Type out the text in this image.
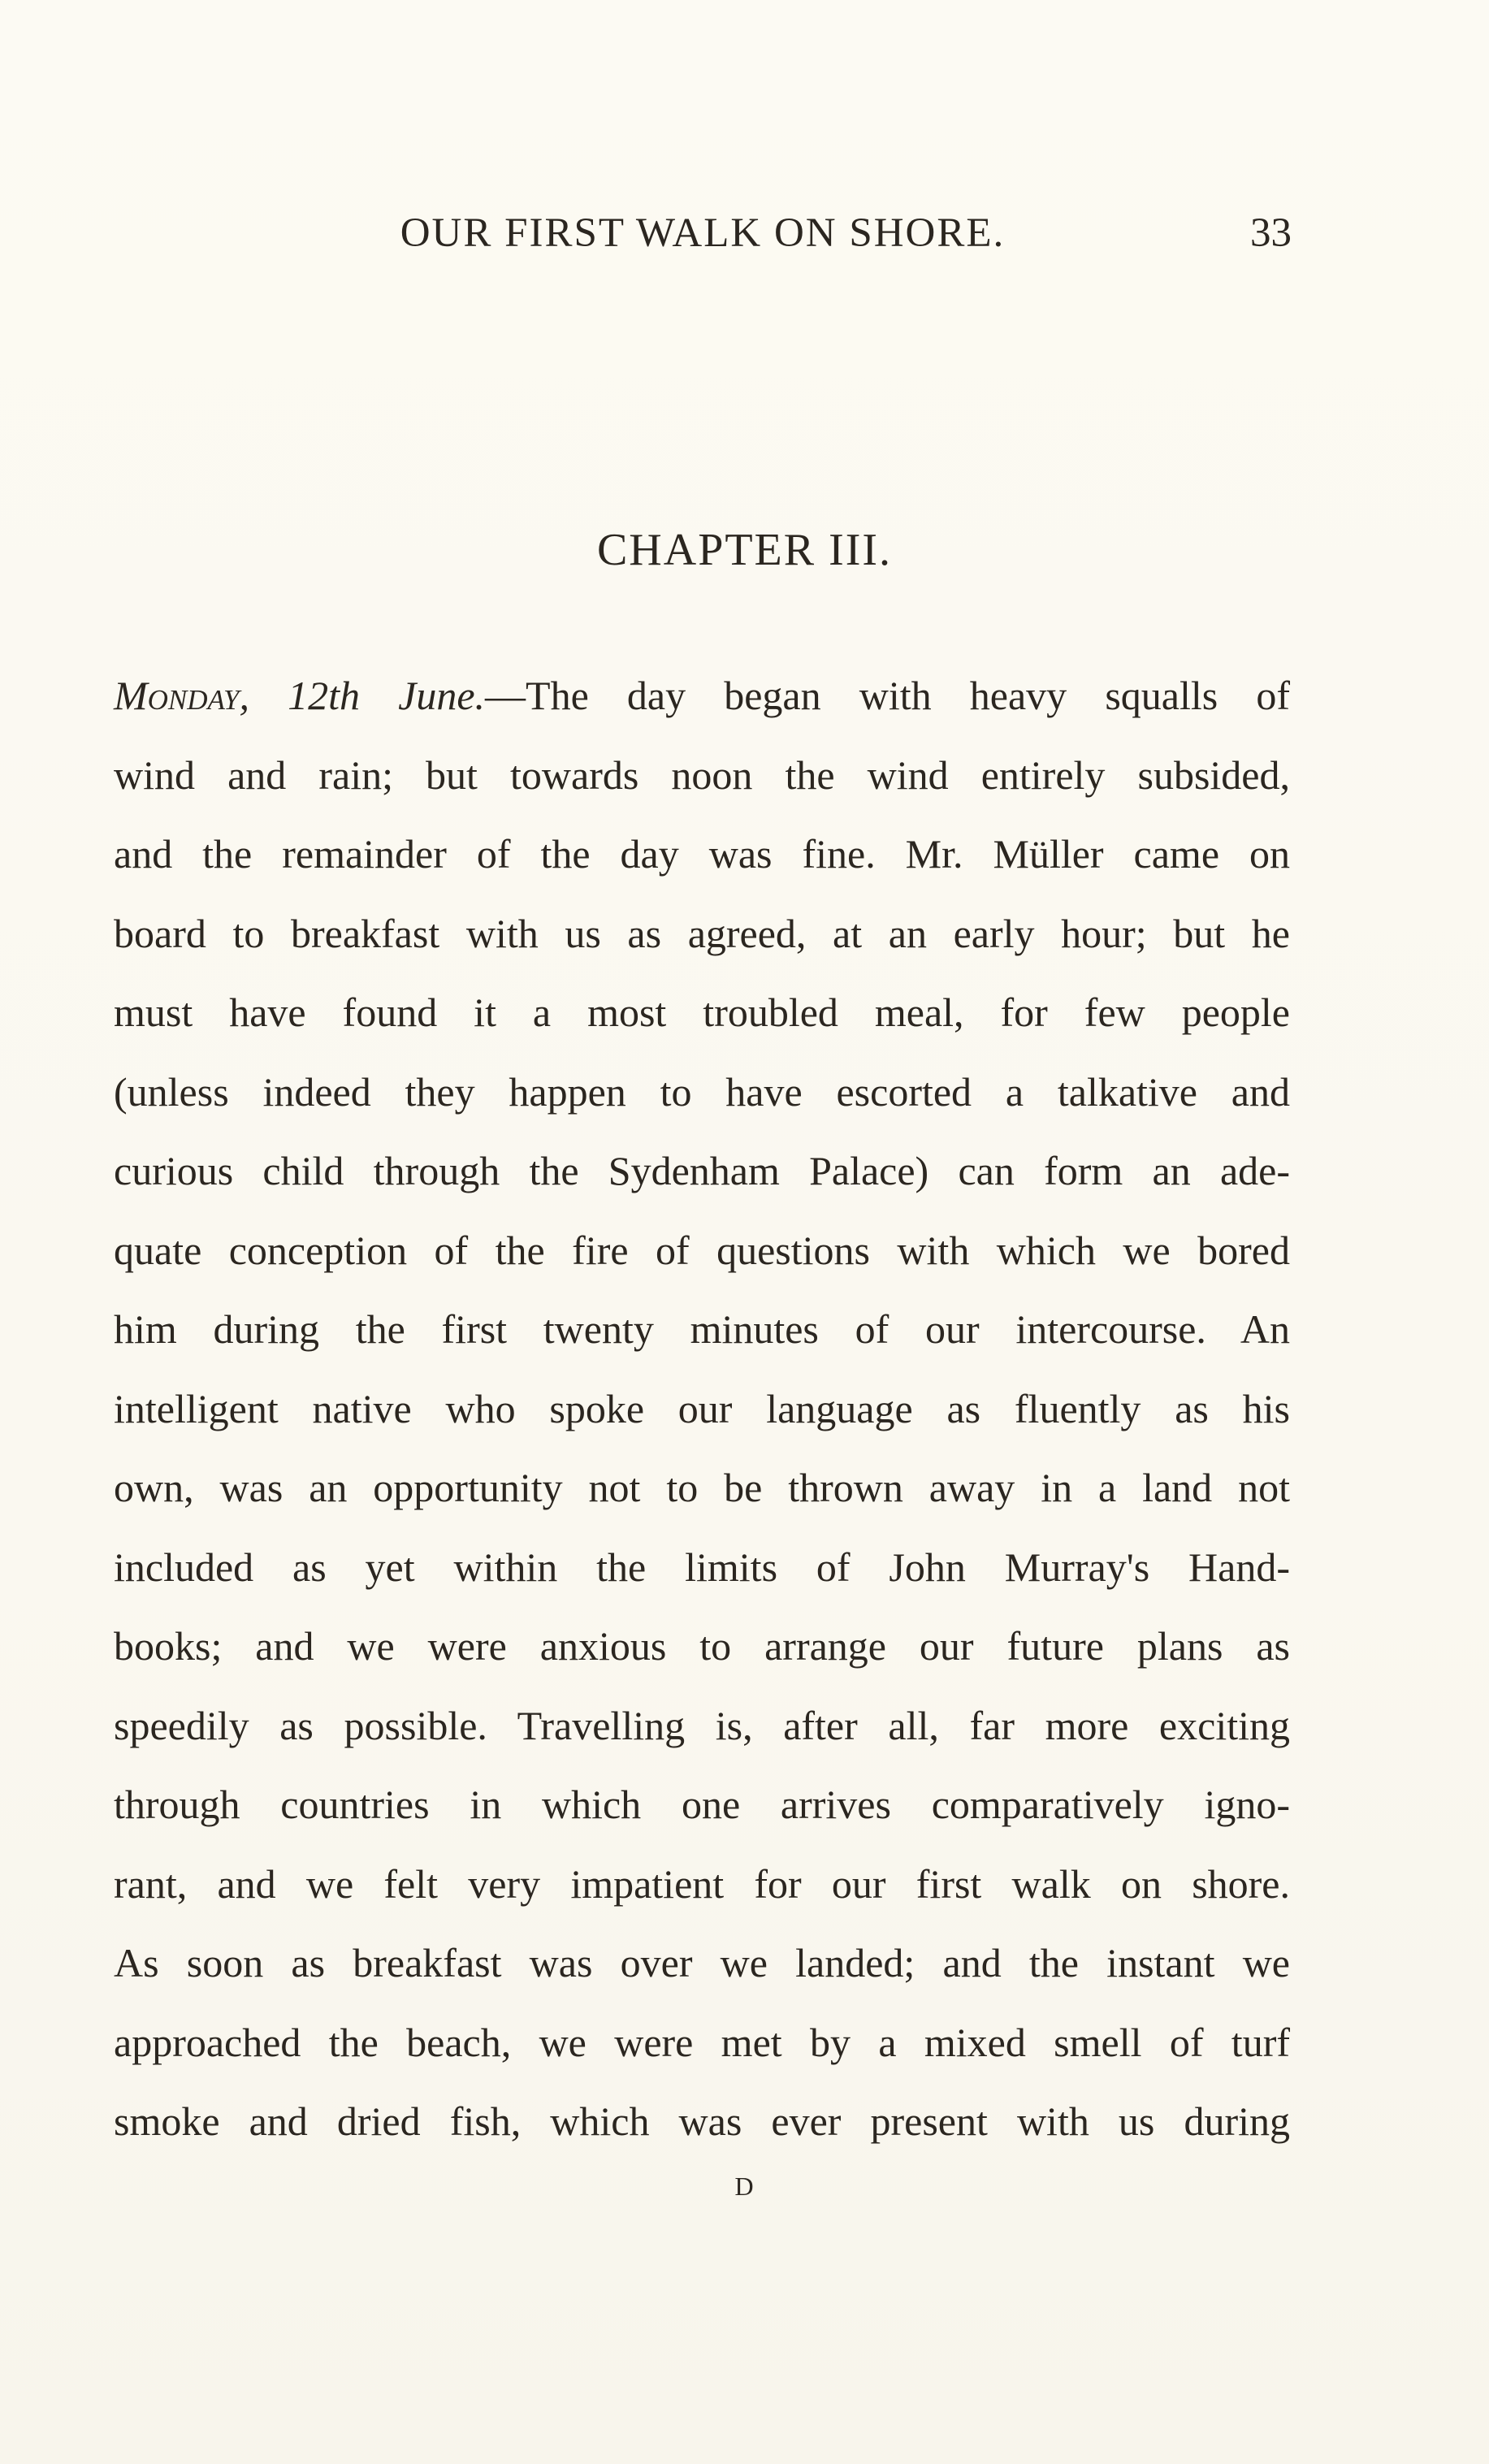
OUR FIRST WALK ON SHORE.	33
CHAPTER III.
Monday, 12th June.—The day began with heavy squalls of
wind and rain; but towards noon the wind entirely subsided,
and the remainder of the day was fine. Mr. Müller came on
board to breakfast with us as agreed, at an early hour; but he
must have found it a most troubled meal, for few people
(unless indeed they happen to have escorted a talkative and
curious child through the Sydenham Palace) can form an ade-
quate conception of the fire of questions with which we bored
him during the first twenty minutes of our intercourse. An
intelligent native who spoke our language as fluently as his
own, was an opportunity not to be thrown away in a land not
included as yet within the limits of John Murray's Hand-
books; and we were anxious to arrange our future plans as
speedily as possible. Travelling is, after all, far more exciting
through countries in which one arrives comparatively igno-
rant, and we felt very impatient for our first walk on shore.
As soon as breakfast was over we landed; and the instant we
approached the beach, we were met by a mixed smell of turf
smoke and dried fish, which was ever present with us during
D
